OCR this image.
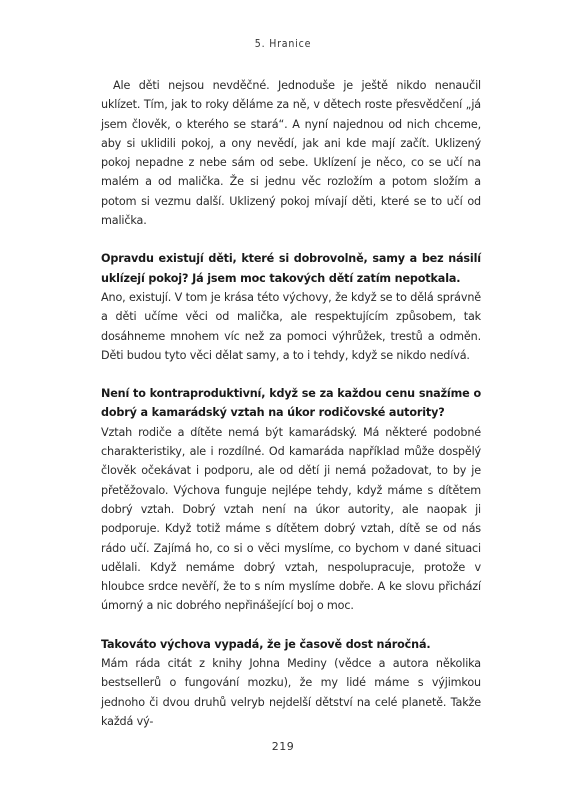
5. Hranice

Ale děti nejsou nevděčné. Jednoduše je ještě nikdo nenaučil uklízet. Tím, jak to roky děláme za ně, v dětech roste přesvědčení „já jsem člověk, o kterého se stará“. A nyní najednou od nich chceme, aby si uklidili pokoj, a ony nevědí, jak ani kde mají začít. Uklizený pokoj nepadne z nebe sám od sebe. Uklízení je něco, co se učí na malém a od malička. Že si jednu věc rozložím a potom složím a potom si vezmu další. Uklizený pokoj mívají děti, které se to učí od malička.

Opravdu existují děti, které si dobrovolně, samy a bez násilí uklízejí pokoj? Já jsem moc takových dětí zatím nepotkala.

Ano, existují. V tom je krása této výchovy, že když se to dělá správně a děti učíme věci od malička, ale respektujícím způsobem, tak dosáhneme mnohem víc než za pomoci výhrůžek, trestů a odměn. Děti budou tyto věci dělat samy, a to i tehdy, když se nikdo nedívá.

Není to kontraproduktivní, když se za každou cenu snažíme o dobrý a kamarádský vztah na úkor rodičovské autority?

Vztah rodiče a dítěte nemá být kamarádský. Má některé podobné charakteristiky, ale i rozdílné. Od kamaráda například může dospělý člověk očekávat i podporu, ale od dětí ji nemá požadovat, to by je přetěžovalo. Výchova funguje nejlépe tehdy, když máme s dítětem dobrý vztah. Dobrý vztah není na úkor autority, ale naopak ji podporuje. Když totiž máme s dítětem dobrý vztah, dítě se od nás rádo učí. Zajímá ho, co si o věci myslíme, co bychom v dané situaci udělali. Když nemáme dobrý vztah, nespolupracuje, protože v hloubce srdce nevěří, že to s ním myslíme dobře. A ke slovu přichází úmorný a nic dobrého nepřinášející boj o moc.

Takováto výchova vypadá, že je časově dost náročná.

Mám ráda citát z knihy Johna Mediny (vědce a autora několika bestsellerů o fungování mozku), že my lidé máme s výjimkou jednoho či dvou druhů velryb nejdelší dětství na celé planetě. Takže každá vý-

219
